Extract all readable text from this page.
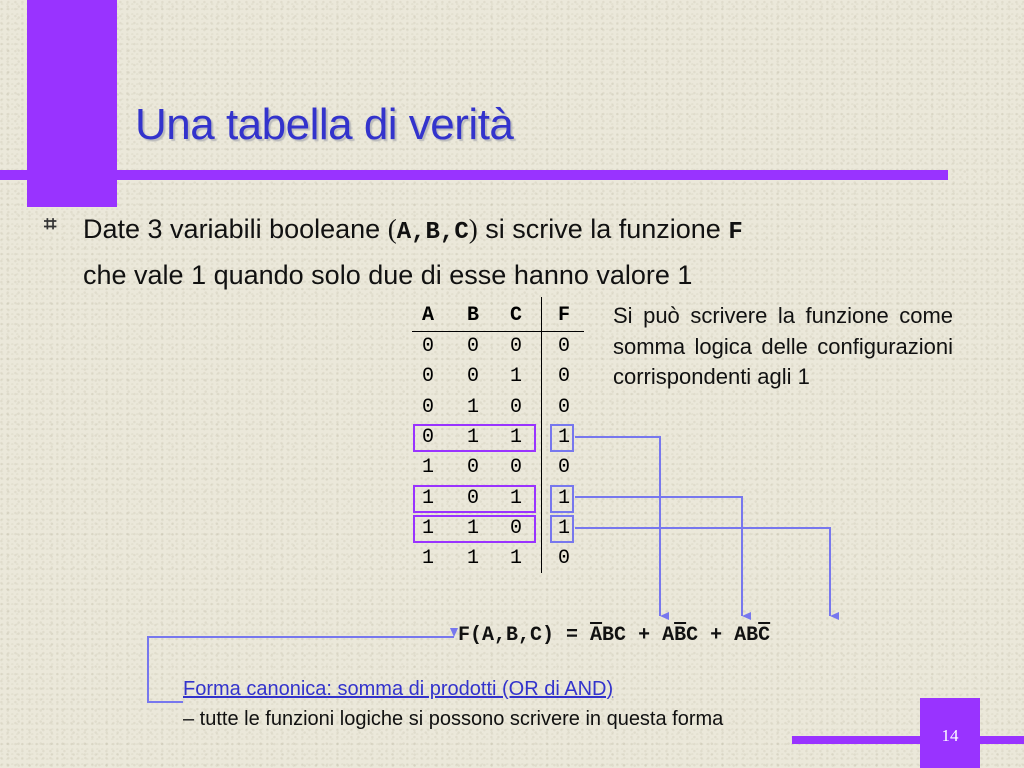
Una tabella di verità
⌗ Date 3 variabili booleane (A,B,C) si scrive la funzione F
che vale 1 quando solo due di esse hanno valore 1
A B C F
0 0 0 0
0 0 1 0
0 1 0 0
0 1 1 1
1 0 0 0
1 0 1 1
1 1 0 1
1 1 1 0
Si può scrivere la funzione come somma logica delle configurazioni corrispondenti agli 1
$F(A,B,C) = \overline{A}BC + A\overline{B}C + AB\overline{C}$
Forma canonica: somma di prodotti (OR di AND)
– tutte le funzioni logiche si possono scrivere in questa forma
14
